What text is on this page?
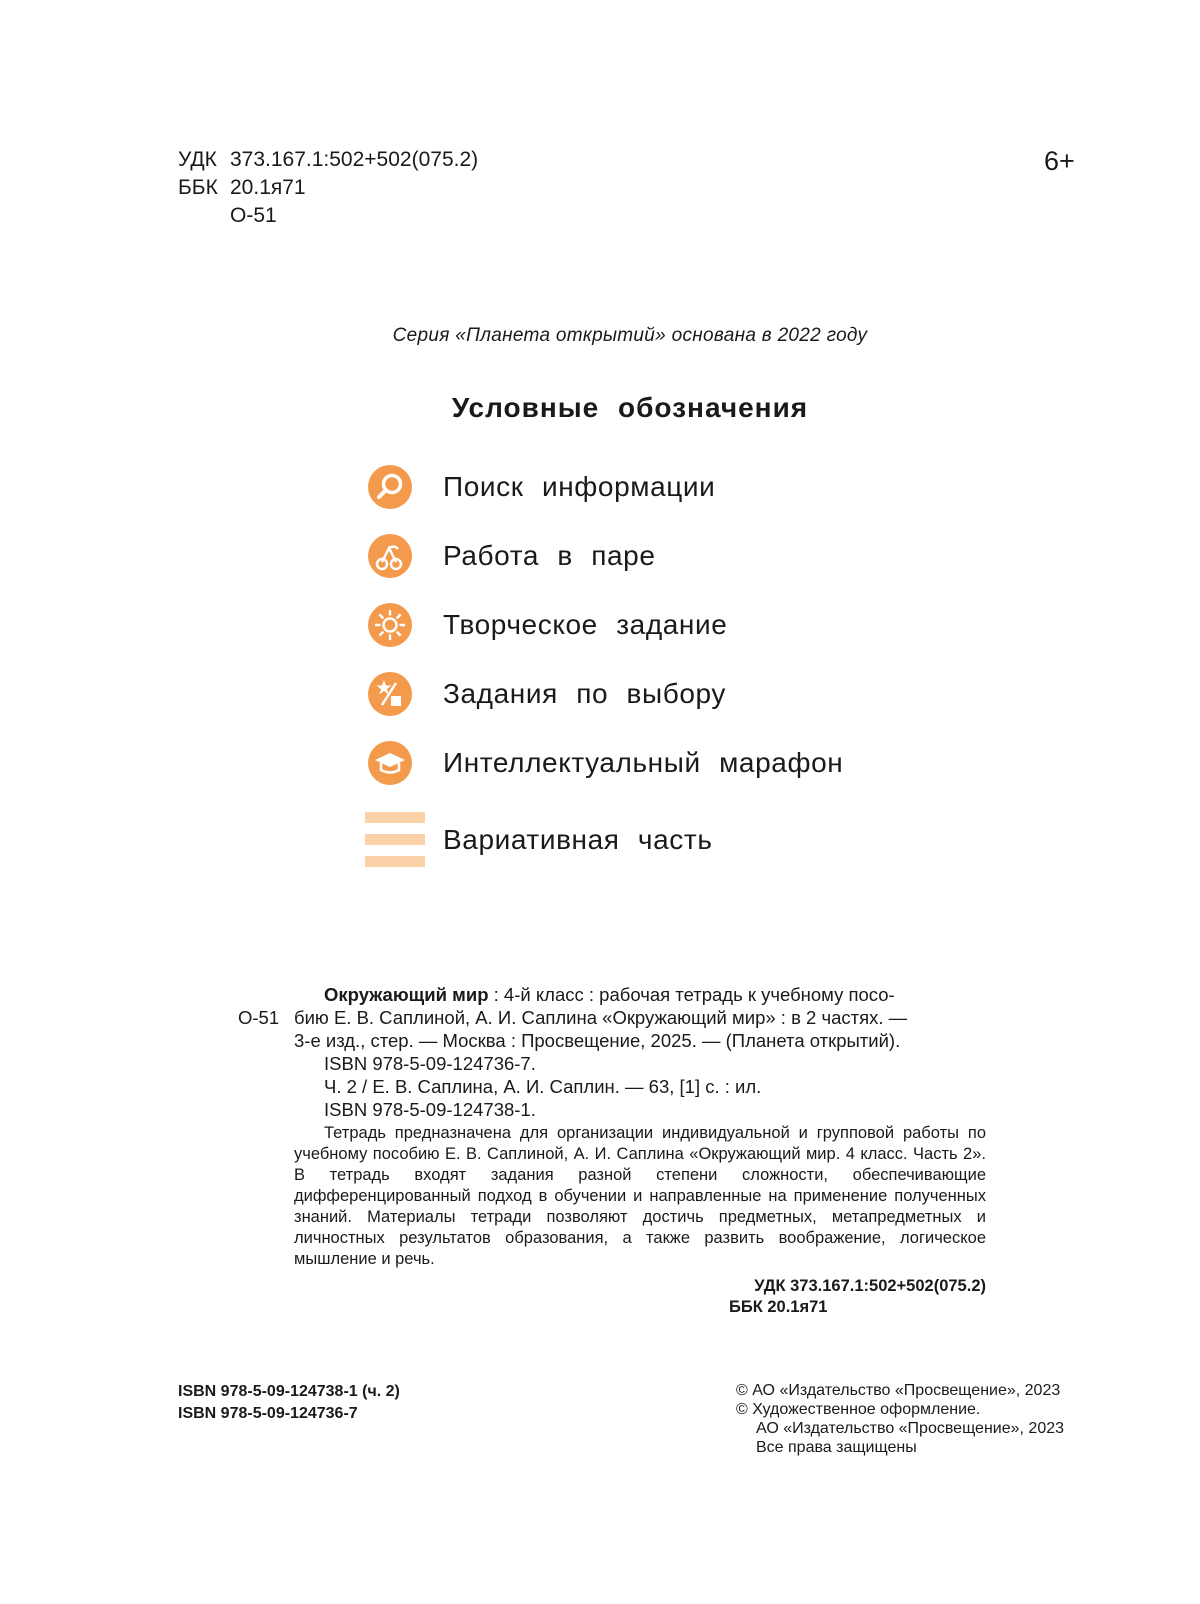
УДК 373.167.1:502+502(075.2)
ББК 20.1я71
О-51
6+
Серия «Планета открытий» основана в 2022 году
Условные обозначения
Поиск информации
Работа в паре
Творческое задание
Задания по выбору
Интеллектуальный марафон
Вариативная часть
О-51
Окружающий мир : 4-й класс : рабочая тетрадь к учебному посо-
бию Е. В. Саплиной, А. И. Саплина «Окружающий мир» : в 2 частях. —
3-е изд., стер. — Москва : Просвещение, 2025. — (Планета открытий).
ISBN 978-5-09-124736-7.
Ч. 2 / Е. В. Саплина, А. И. Саплин. — 63, [1] с. : ил.
ISBN 978-5-09-124738-1.
Тетрадь предназначена для организации индивидуальной и групповой работы по учебному пособию Е. В. Саплиной, А. И. Саплина «Окружающий мир. 4 класс. Часть 2». В тетрадь входят задания разной степени сложности, обеспечивающие дифференцированный подход в обучении и направленные на применение полученных знаний. Материалы тетради позволяют достичь предметных, метапредметных и личностных результатов образования, а также развить воображение, логическое мышление и речь.
УДК 373.167.1:502+502(075.2)
ББК 20.1я71
ISBN 978-5-09-124738-1 (ч. 2)
ISBN 978-5-09-124736-7
© АО «Издательство «Просвещение», 2023
© Художественное оформление.
АО «Издательство «Просвещение», 2023
Все права защищены
